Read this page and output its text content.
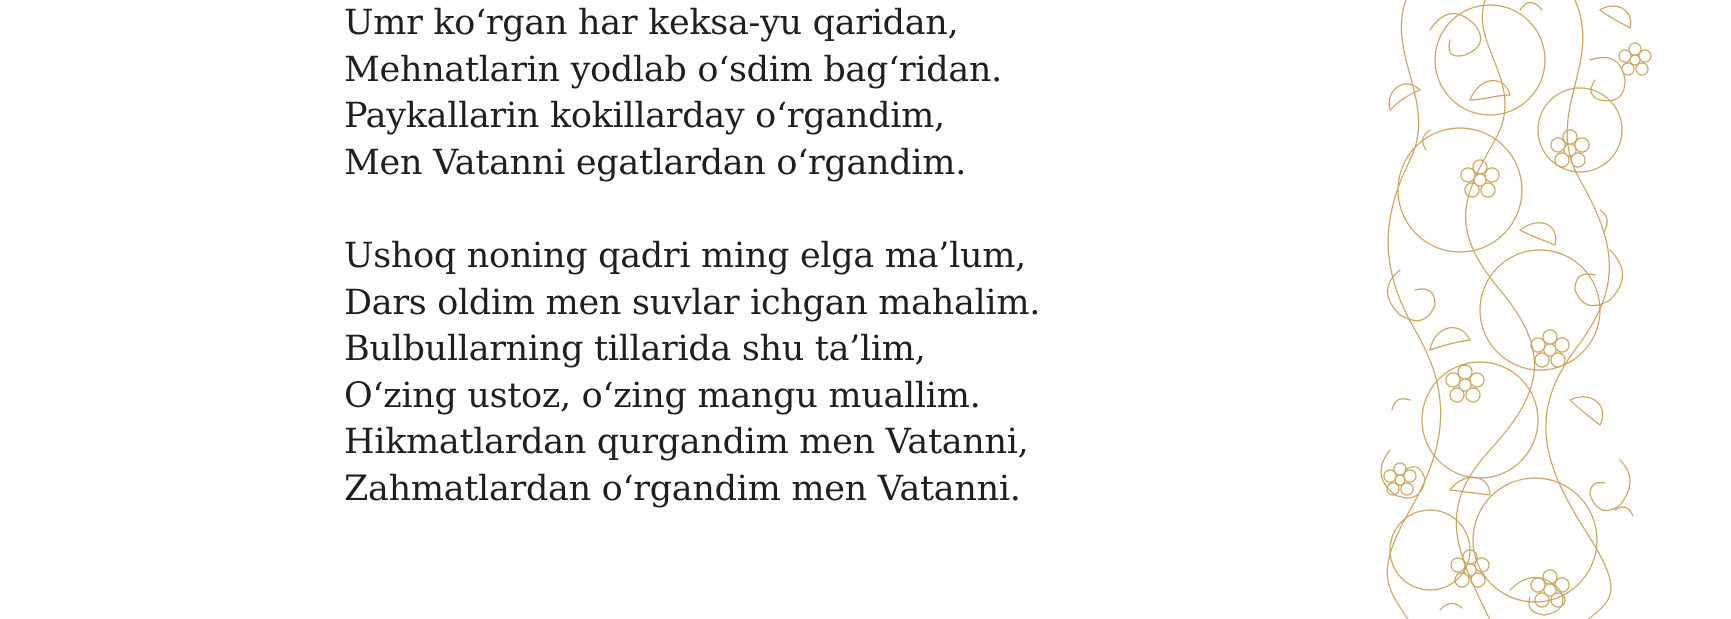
Umr ko‘rgan har keksa-yu qaridan,
Mehnatlarin yodlab o‘sdim bag‘ridan.
Paykallarin kokillarday o‘rgandim,
Men Vatanni egatlardan o‘rgandim.

Ushoq noning qadri ming elga ma’lum,
Dars oldim men suvlar ichgan mahalim.
Bulbullarning tillarida shu ta’lim,
O‘zing ustoz, o‘zing mangu muallim.
Hikmatlardan qurgandim men Vatanni,
Zahmatlardan o‘rgandim men Vatanni.
